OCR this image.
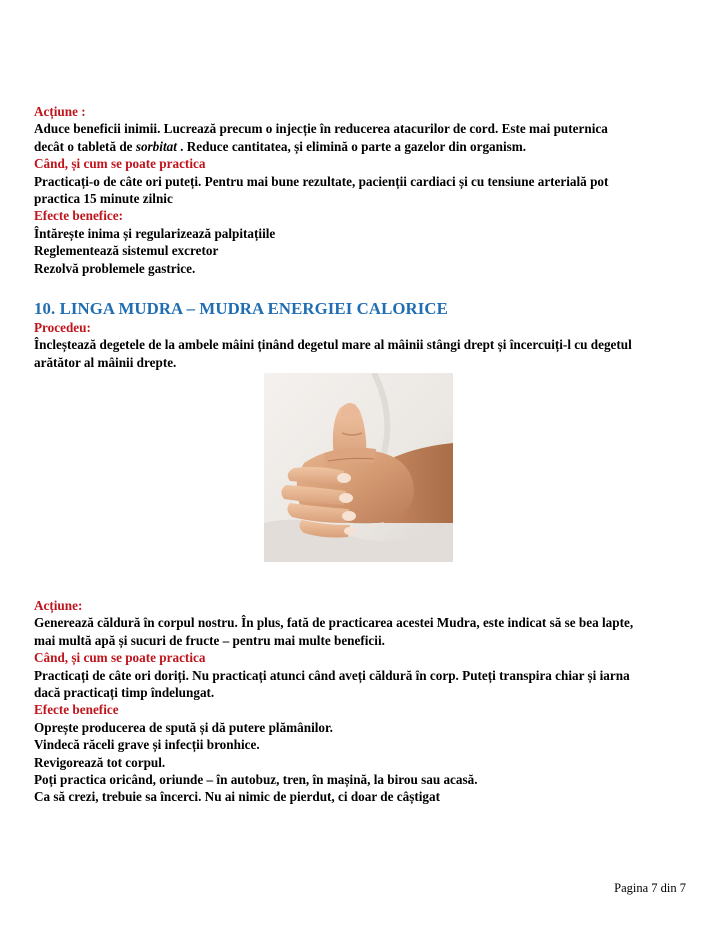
Acțiune :

Aduce beneficii inimii. Lucrează precum o injecție în reducerea atacurilor de cord. Este mai puternica

decât o tabletă de sorbitat . Reduce cantitatea, și elimină o parte a gazelor din organism.

Când, și cum se poate practica

Practicați-o de câte ori puteți. Pentru mai bune rezultate, pacienții cardiaci și cu tensiune arterială pot

practica 15 minute zilnic

Efecte benefice:

Întărește inima și regularizează palpitațiile

Reglementează sistemul excretor

Rezolvă problemele gastrice.

10. LINGA MUDRA – MUDRA ENERGIEI CALORICE

Procedeu:

Încleștează degetele de la ambele mâini ținând degetul mare al mâinii stângi drept și încercuiți-l cu degetul

arătător al mâinii drepte.

Acțiune:

Generează căldură în corpul nostru. În plus, fată de practicarea acestei Mudra, este indicat să se bea lapte,

mai multă apă și sucuri de fructe – pentru mai multe beneficii.

Când, și cum se poate practica

Practicați de câte ori doriți. Nu practicați atunci când aveți căldură în corp. Puteți transpira chiar și iarna

dacă practicați timp îndelungat.

Efecte benefice

Oprește producerea de spută și dă putere plămânilor.

Vindecă răceli grave și infecții bronhice.

Revigorează tot corpul.

Poți practica oricând, oriunde – în autobuz, tren, în mașină, la birou sau acasă.

Ca să crezi, trebuie sa încerci. Nu ai nimic de pierdut, ci doar de câștigat

Pagina 7 din 7
